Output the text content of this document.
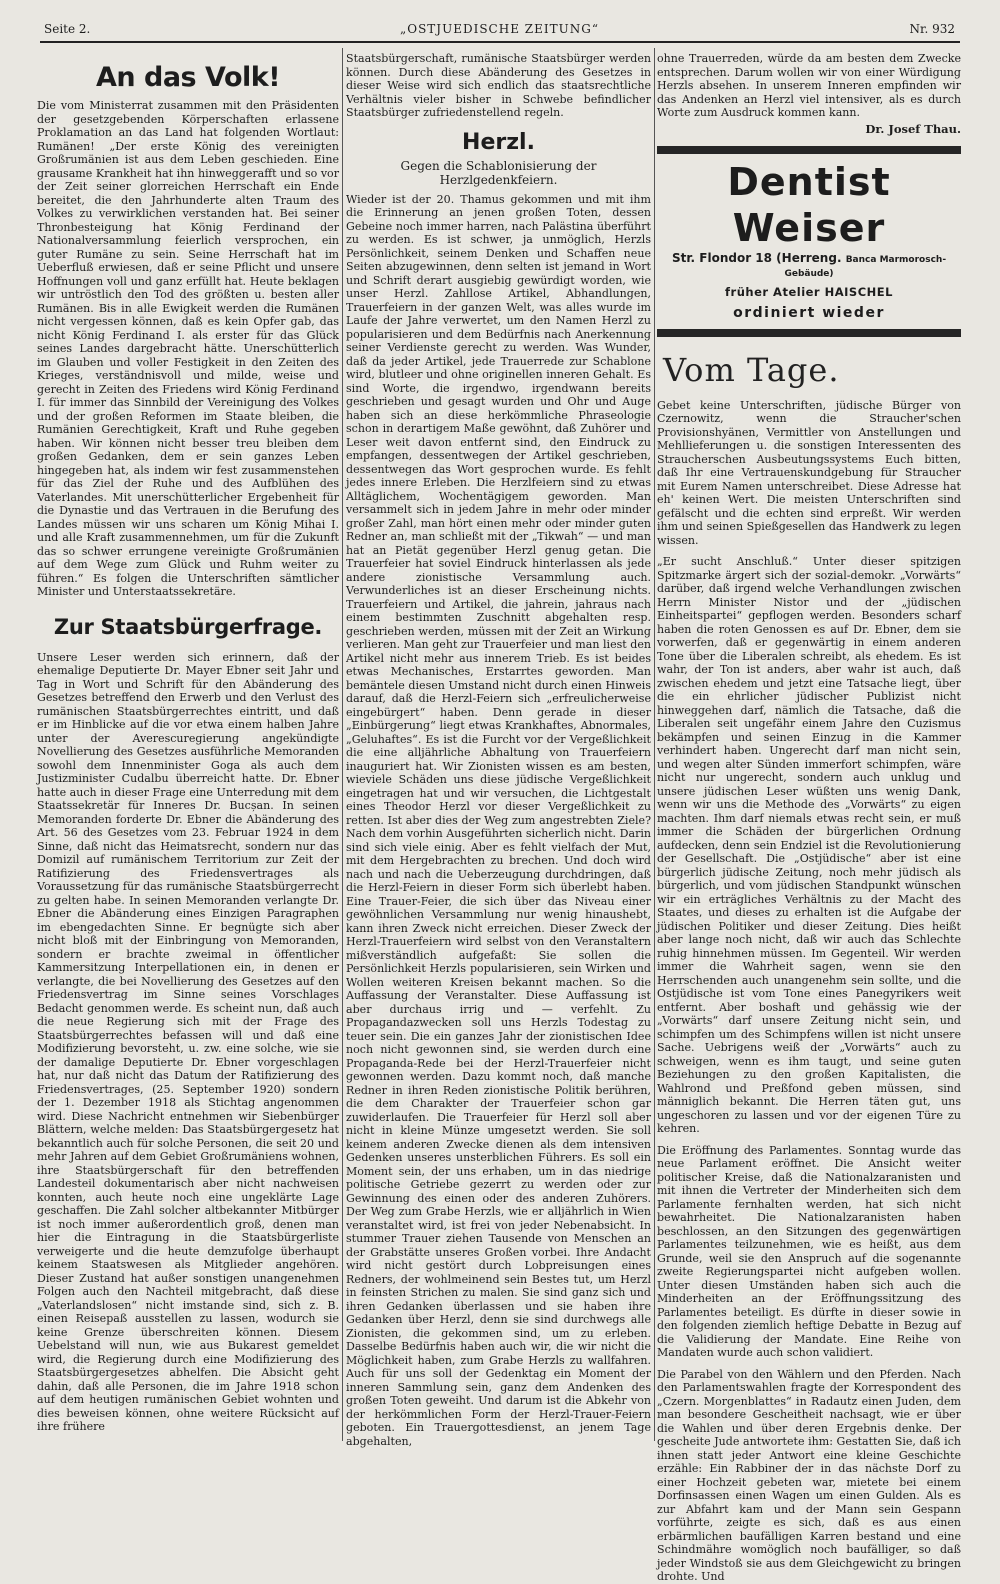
Seite 2.	„OSTJUEDISCHE ZEITUNG“	Nr. 932
An das Volk!

Die vom Ministerrat zusammen mit den Präsidenten der gesetzgebenden Körperschaften erlassene Proklamation an das Land hat folgenden Wortlaut: Rumänen! „Der erste König des vereinigten Großrumänien ist aus dem Leben geschieden. Eine grausame Krankheit hat ihn hinweggerafft und so vor der Zeit seiner glorreichen Herrschaft ein Ende bereitet, die den Jahrhunderte alten Traum des Volkes zu verwirklichen verstanden hat. Bei seiner Thronbesteigung hat König Ferdinand der Nationalversammlung feierlich versprochen, ein guter Rumäne zu sein. Seine Herrschaft hat im Ueberfluß erwiesen, daß er seine Pflicht und unsere Hoffnungen voll und ganz erfüllt hat. Heute beklagen wir untröstlich den Tod des größten u. besten aller Rumänen. Bis in alle Ewigkeit werden die Rumänen nicht vergessen können, daß es kein Opfer gab, das nicht König Ferdinand I. als erster für das Glück seines Landes dargebracht hätte. Unerschütterlich im Glauben und voller Festigkeit in den Zeiten des Krieges, verständnisvoll und milde, weise und gerecht in Zeiten des Friedens wird König Ferdinand I. für immer das Sinnbild der Vereinigung des Volkes und der großen Reformen im Staate bleiben, die Rumänien Gerechtigkeit, Kraft und Ruhe gegeben haben. Wir können nicht besser treu bleiben dem großen Gedanken, dem er sein ganzes Leben hingegeben hat, als indem wir fest zusammenstehen für das Ziel der Ruhe und des Aufblühen des Vaterlandes. Mit unerschütterlicher Ergebenheit für die Dynastie und das Vertrauen in die Berufung des Landes müssen wir uns scharen um König Mihai I. und alle Kraft zusammennehmen, um für die Zukunft das so schwer errungene vereinigte Großrumänien auf dem Wege zum Glück und Ruhm weiter zu führen.“ Es folgen die Unterschriften sämtlicher Minister und Unterstaatssekretäre.

Zur Staatsbürgerfrage.

Unsere Leser werden sich erinnern, daß der ehemalige Deputierte Dr. Mayer Ebner seit Jahr und Tag in Wort und Schrift für den Abänderung des Gesetzes betreffend den Erwerb und den Verlust des rumänischen Staatsbürgerrechtes eintritt, und daß er im Hinblicke auf die vor etwa einem halben Jahre unter der Averescuregierung angekündigte Novellierung des Gesetzes ausführliche Memoranden sowohl dem Innenminister Goga als auch dem Justizminister Cudalbu überreicht hatte. Dr. Ebner hatte auch in dieser Frage eine Unterredung mit dem Staatssekretär für Inneres Dr. Bucșan. In seinen Memoranden forderte Dr. Ebner die Abänderung des Art. 56 des Gesetzes vom 23. Februar 1924 in dem Sinne, daß nicht das Heimatsrecht, sondern nur das Domizil auf rumänischem Territorium zur Zeit der Ratifizierung des Friedensvertrages als Voraussetzung für das rumänische Staatsbürgerrecht zu gelten habe. In seinen Memoranden verlangte Dr. Ebner die Abänderung eines Einzigen Paragraphen im ebengedachten Sinne. Er begnügte sich aber nicht bloß mit der Einbringung von Memoranden, sondern er brachte zweimal in öffentlicher Kammersitzung Interpellationen ein, in denen er verlangte, die bei Novellierung des Gesetzes auf den Friedensvertrag im Sinne seines Vorschlages Bedacht genommen werde. Es scheint nun, daß auch die neue Regierung sich mit der Frage des Staatsbürgerrechtes befassen will und daß eine Modifizierung bevorsteht, u. zw. eine solche, wie sie der damalige Deputierte Dr. Ebner vorgeschlagen hat, nur daß nicht das Datum der Ratifizierung des Friedensvertrages, (25. September 1920) sondern der 1. Dezember 1918 als Stichtag angenommen wird. Diese Nachricht entnehmen wir Siebenbürger Blättern, welche melden: Das Staatsbürgergesetz hat bekanntlich auch für solche Personen, die seit 20 und mehr Jahren auf dem Gebiet Großrumäniens wohnen, ihre Staatsbürgerschaft für den betreffenden Landesteil dokumentarisch aber nicht nachweisen konnten, auch heute noch eine ungeklärte Lage geschaffen. Die Zahl solcher altbekannter Mitbürger ist noch immer außerordentlich groß, denen man hier die Eintragung in die Staatsbürgerliste verweigerte und die heute demzufolge überhaupt keinem Staatswesen als Mitglieder angehören. Dieser Zustand hat außer sonstigen unangenehmen Folgen auch den Nachteil mitgebracht, daß diese „Vaterlandslosen“ nicht imstande sind, sich z. B. einen Reisepaß ausstellen zu lassen, wodurch sie keine Grenze überschreiten können. Diesem Uebelstand will nun, wie aus Bukarest gemeldet wird, die Regierung durch eine Modifizierung des Staatsbürgergesetzes abhelfen. Die Absicht geht dahin, daß alle Personen, die im Jahre 1918 schon auf dem heutigen rumänischen Gebiet wohnten und dies beweisen können, ohne weitere Rücksicht auf ihre frühere

Staatsbürgerschaft, rumänische Staatsbürger werden können. Durch diese Abänderung des Gesetzes in dieser Weise wird sich endlich das staatsrechtliche Verhältnis vieler bisher in Schwebe befindlicher Staatsbürger zufriedenstellend regeln.

Herzl.
Gegen die Schablonisierung der Herzlgedenkfeiern.

Wieder ist der 20. Thamus gekommen und mit ihm die Erinnerung an jenen großen Toten, dessen Gebeine noch immer harren, nach Palästina überführt zu werden. Es ist schwer, ja unmöglich, Herzls Persönlichkeit, seinem Denken und Schaffen neue Seiten abzugewinnen, denn selten ist jemand in Wort und Schrift derart ausgiebig gewürdigt worden, wie unser Herzl. Zahllose Artikel, Abhandlungen, Trauerfeiern in der ganzen Welt, was alles wurde im Laufe der Jahre verwertet, um den Namen Herzl zu popularisieren und dem Bedürfnis nach Anerkennung seiner Verdienste gerecht zu werden. Was Wunder, daß da jeder Artikel, jede Trauerrede zur Schablone wird, blutleer und ohne originellen inneren Gehalt. Es sind Worte, die irgendwo, irgendwann bereits geschrieben und gesagt wurden und Ohr und Auge haben sich an diese herkömmliche Phraseologie schon in derartigem Maße gewöhnt, daß Zuhörer und Leser weit davon entfernt sind, den Eindruck zu empfangen, dessentwegen der Artikel geschrieben, dessentwegen das Wort gesprochen wurde. Es fehlt jedes innere Erleben. Die Herzlfeiern sind zu etwas Alltäglichem, Wochentägigem geworden. Man versammelt sich in jedem Jahre in mehr oder minder großer Zahl, man hört einen mehr oder minder guten Redner an, man schließt mit der „Tikwah“ — und man hat an Pietät gegenüber Herzl genug getan. Die Trauerfeier hat soviel Eindruck hinterlassen als jede andere zionistische Versammlung auch. Verwunderliches ist an dieser Erscheinung nichts. Trauerfeiern und Artikel, die jahrein, jahraus nach einem bestimmten Zuschnitt abgehalten resp. geschrieben werden, müssen mit der Zeit an Wirkung verlieren. Man geht zur Trauerfeier und man liest den Artikel nicht mehr aus innerem Trieb. Es ist beides etwas Mechanisches, Erstarrtes geworden. Man bemäntele diesen Umstand nicht durch einen Hinweis darauf, daß die Herzl-Feiern sich „erfreulicherweise eingebürgert“ haben. Denn gerade in dieser „Einbürgerung“ liegt etwas Krankhaftes, Abnormales, „Geluhaftes“. Es ist die Furcht vor der Vergeßlichkeit die eine alljährliche Abhaltung von Trauerfeiern inauguriert hat. Wir Zionisten wissen es am besten, wieviele Schäden uns diese jüdische Vergeßlichkeit eingetragen hat und wir versuchen, die Lichtgestalt eines Theodor Herzl vor dieser Vergeßlichkeit zu retten. Ist aber dies der Weg zum angestrebten Ziele? Nach dem vorhin Ausgeführten sicherlich nicht. Darin sind sich viele einig. Aber es fehlt vielfach der Mut, mit dem Hergebrachten zu brechen. Und doch wird nach und nach die Ueberzeugung durchdringen, daß die Herzl-Feiern in dieser Form sich überlebt haben. Eine Trauer-Feier, die sich über das Niveau einer gewöhnlichen Versammlung nur wenig hinaushebt, kann ihren Zweck nicht erreichen. Dieser Zweck der Herzl-Trauerfeiern wird selbst von den Veranstaltern mißverständlich aufgefaßt: Sie sollen die Persönlichkeit Herzls popularisieren, sein Wirken und Wollen weiteren Kreisen bekannt machen. So die Auffassung der Veranstalter. Diese Auffassung ist aber durchaus irrig und — verfehlt. Zu Propagandazwecken soll uns Herzls Todestag zu teuer sein. Die ein ganzes Jahr der zionistischen Idee noch nicht gewonnen sind, sie werden durch eine Propaganda-Rede bei der Herzl-Trauerfeier nicht gewonnen werden. Dazu kommt noch, daß manche Redner in ihren Reden zionistische Politik berühren, die dem Charakter der Trauerfeier schon gar zuwiderlaufen. Die Trauerfeier für Herzl soll aber nicht in kleine Münze umgesetzt werden. Sie soll keinem anderen Zwecke dienen als dem intensiven Gedenken unseres unsterblichen Führers. Es soll ein Moment sein, der uns erhaben, um in das niedrige politische Getriebe gezerrt zu werden oder zur Gewinnung des einen oder des anderen Zuhörers. Der Weg zum Grabe Herzls, wie er alljährlich in Wien veranstaltet wird, ist frei von jeder Nebenabsicht. In stummer Trauer ziehen Tausende von Menschen an der Grabstätte unseres Großen vorbei. Ihre Andacht wird nicht gestört durch Lobpreisungen eines Redners, der wohlmeinend sein Bestes tut, um Herzl in feinsten Strichen zu malen. Sie sind ganz sich und ihren Gedanken überlassen und sie haben ihre Gedanken über Herzl, denn sie sind durchwegs alle Zionisten, die gekommen sind, um zu erleben. Dasselbe Bedürfnis haben auch wir, die wir nicht die Möglichkeit haben, zum Grabe Herzls zu wallfahren. Auch für uns soll der Gedenktag ein Moment der inneren Sammlung sein, ganz dem Andenken des großen Toten geweiht. Und darum ist die Abkehr von der herkömmlichen Form der Herzl-Trauer-Feiern geboten. Ein Trauergottesdienst, an jenem Tage abgehalten,

ohne Trauerreden, würde da am besten dem Zwecke entsprechen. Darum wollen wir von einer Würdigung Herzls absehen. In unserem Inneren empfinden wir das Andenken an Herzl viel intensiver, als es durch Worte zum Ausdruck kommen kann.

Dr. Josef Thau.
Dentist Weiser
Str. Flondor 18 (Herreng. Banca Marmorosch-Gebäude)
früher Atelier HAISCHEL
ordiniert wieder
Vom Tage.

Gebet keine Unterschriften, jüdische Bürger von Czernowitz, wenn die Straucher'schen Provisionshyänen, Vermittler von Anstellungen und Mehllieferungen u. die sonstigen Interessenten des Straucherschen Ausbeutungssystems Euch bitten, daß Ihr eine Vertrauenskundgebung für Straucher mit Eurem Namen unterschreibet. Diese Adresse hat eh' keinen Wert. Die meisten Unterschriften sind gefälscht und die echten sind erpreßt. Wir werden ihm und seinen Spießgesellen das Handwerk zu legen wissen.

„Er sucht Anschluß.“ Unter dieser spitzigen Spitzmarke ärgert sich der sozial-demokr. „Vorwärts“ darüber, daß irgend welche Verhandlungen zwischen Herrn Minister Nistor und der „jüdischen Einheitspartei“ gepflogen werden. Besonders scharf haben die roten Genossen es auf Dr. Ebner, dem sie vorwerfen, daß er gegenwärtig in einem anderen Tone über die Liberalen schreibt, als ehedem. Es ist wahr, der Ton ist anders, aber wahr ist auch, daß zwischen ehedem und jetzt eine Tatsache liegt, über die ein ehrlicher jüdischer Publizist nicht hinweggehen darf, nämlich die Tatsache, daß die Liberalen seit ungefähr einem Jahre den Cuzismus bekämpfen und seinen Einzug in die Kammer verhindert haben. Ungerecht darf man nicht sein, und wegen alter Sünden immerfort schimpfen, wäre nicht nur ungerecht, sondern auch unklug und unsere jüdischen Leser wüßten uns wenig Dank, wenn wir uns die Methode des „Vorwärts“ zu eigen machten. Ihm darf niemals etwas recht sein, er muß immer die Schäden der bürgerlichen Ordnung aufdecken, denn sein Endziel ist die Revolutionierung der Gesellschaft. Die „Ostjüdische“ aber ist eine bürgerlich jüdische Zeitung, noch mehr jüdisch als bürgerlich, und vom jüdischen Standpunkt wünschen wir ein erträgliches Verhältnis zu der Macht des Staates, und dieses zu erhalten ist die Aufgabe der jüdischen Politiker und dieser Zeitung. Dies heißt aber lange noch nicht, daß wir auch das Schlechte ruhig hinnehmen müssen. Im Gegenteil. Wir werden immer die Wahrheit sagen, wenn sie den Herrschenden auch unangenehm sein sollte, und die Ostjüdische ist vom Tone eines Panegyrikers weit entfernt. Aber boshaft und gehässig wie der „Vorwärts“ darf unsere Zeitung nicht sein, und schimpfen um des Schimpfens willen ist nicht unsere Sache. Uebrigens weiß der „Vorwärts“ auch zu schweigen, wenn es ihm taugt, und seine guten Beziehungen zu den großen Kapitalisten, die Wahlrond und Preßfond geben müssen, sind männiglich bekannt. Die Herren täten gut, uns ungeschoren zu lassen und vor der eigenen Türe zu kehren.

Die Eröffnung des Parlamentes. Sonntag wurde das neue Parlament eröffnet. Die Ansicht weiter politischer Kreise, daß die Nationalzaranisten und mit ihnen die Vertreter der Minderheiten sich dem Parlamente fernhalten werden, hat sich nicht bewahrheitet. Die Nationalzaranisten haben beschlossen, an den Sitzungen des gegenwärtigen Parlamentes teilzunehmen, wie es heißt, aus dem Grunde, weil sie den Anspruch auf die sogenannte zweite Regierungspartei nicht aufgeben wollen. Unter diesen Umständen haben sich auch die Minderheiten an der Eröffnungssitzung des Parlamentes beteiligt. Es dürfte in dieser sowie in den folgenden ziemlich heftige Debatte in Bezug auf die Validierung der Mandate. Eine Reihe von Mandaten wurde auch schon validiert.

Die Parabel von den Wählern und den Pferden. Nach den Parlamentswahlen fragte der Korrespondent des „Czern. Morgenblattes“ in Radautz einen Juden, dem man besondere Gescheitheit nachsagt, wie er über die Wahlen und über deren Ergebnis denke. Der gescheite Jude antwortete ihm: Gestatten Sie, daß ich ihnen statt jeder Antwort eine kleine Geschichte erzähle: Ein Rabbiner der in das nächste Dorf zu einer Hochzeit gebeten war, mietete bei einem Dorfinsassen einen Wagen um einen Gulden. Als es zur Abfahrt kam und der Mann sein Gespann vorführte, zeigte es sich, daß es aus einen erbärmlichen baufälligen Karren bestand und eine Schindmähre womöglich noch baufälliger, so daß jeder Windstoß sie aus dem Gleichgewicht zu bringen drohte. Und
